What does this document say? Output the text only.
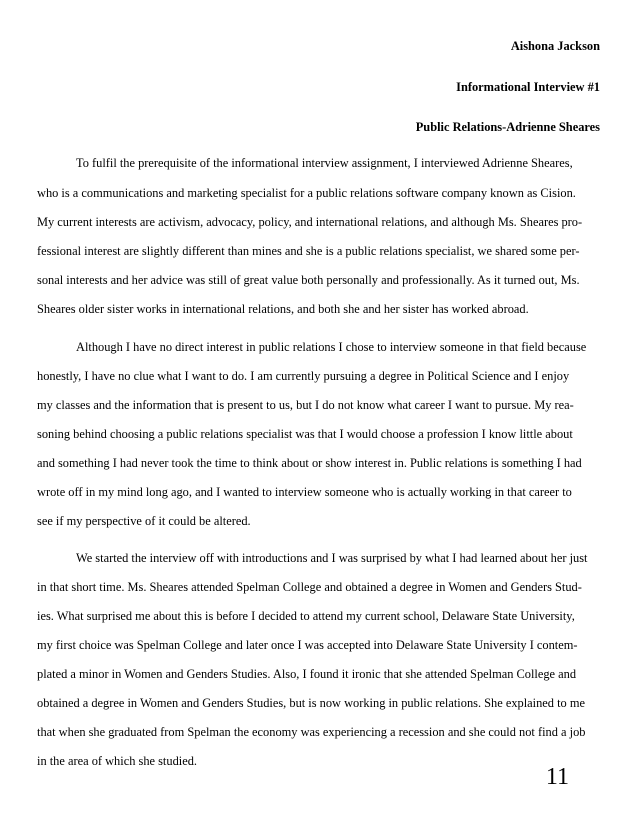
Aishona Jackson
Informational Interview #1
Public Relations-Adrienne Sheares
To fulfil the prerequisite of the informational interview assignment, I interviewed Adrienne Sheares,
who is a communications and marketing specialist for a public relations software company known as Cision.
My current interests are activism, advocacy, policy, and international relations, and although Ms. Sheares pro-
fessional interest are slightly different than mines and she is a public relations specialist, we shared some per-
sonal interests and her advice was still of great value both personally and professionally. As it turned out, Ms.
Sheares older sister works in international relations, and both she and her sister has worked abroad.
Although I have no direct interest in public relations I chose to interview someone in that field because
honestly, I have no clue what I want to do. I am currently pursuing a degree in Political Science and I enjoy
my classes and the information that is present to us, but I do not know what career I want to pursue. My rea-
soning behind choosing a public relations specialist was that I would choose a profession I know little about
and something I had never took the time to think about or show interest in. Public relations is something I had
wrote off in my mind long ago, and I wanted to interview someone who is actually working in that career to
see if my perspective of it could be altered.
We started the interview off with introductions and I was surprised by what I had learned about her just
in that short time. Ms. Sheares attended Spelman College and obtained a degree in Women and Genders Stud-
ies. What surprised me about this is before I decided to attend my current school, Delaware State University,
my first choice was Spelman College and later once I was accepted into Delaware State University I contem-
plated a minor in Women and Genders Studies. Also, I found it ironic that she attended Spelman College and
obtained a degree in Women and Genders Studies, but is now working in public relations. She explained to me
that when she graduated from Spelman the economy was experiencing a recession and she could not find a job
in the area of which she studied.
11
